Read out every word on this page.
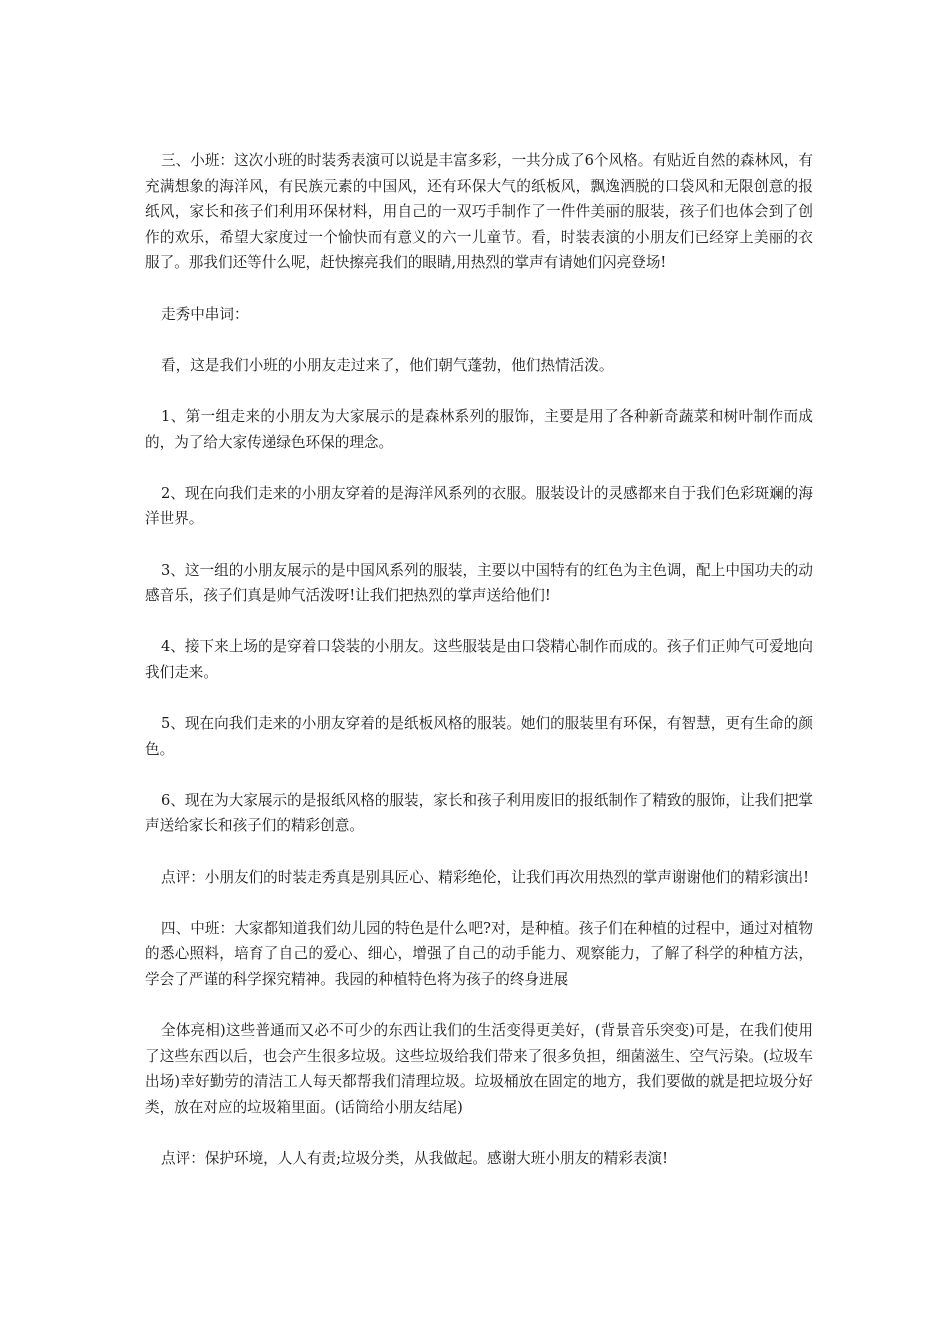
三、小班：这次小班的时装秀表演可以说是丰富多彩，一共分成了6个风格。有贴近自然的森林风，有充满想象的海洋风，有民族元素的中国风，还有环保大气的纸板风，飘逸洒脱的口袋风和无限创意的报纸风，家长和孩子们利用环保材料，用自己的一双巧手制作了一件件美丽的服装，孩子们也体会到了创作的欢乐，希望大家度过一个愉快而有意义的六一儿童节。看，时装表演的小朋友们已经穿上美丽的衣服了。那我们还等什么呢，赶快擦亮我们的眼睛,用热烈的掌声有请她们闪亮登场!

走秀中串词：

看，这是我们小班的小朋友走过来了，他们朝气蓬勃，他们热情活泼。

1、第一组走来的小朋友为大家展示的是森林系列的服饰，主要是用了各种新奇蔬菜和树叶制作而成的，为了给大家传递绿色环保的理念。

2、现在向我们走来的小朋友穿着的是海洋风系列的衣服。服装设计的灵感都来自于我们色彩斑斓的海洋世界。

3、这一组的小朋友展示的是中国风系列的服装，主要以中国特有的红色为主色调，配上中国功夫的动感音乐，孩子们真是帅气活泼呀!让我们把热烈的掌声送给他们!

4、接下来上场的是穿着口袋装的小朋友。这些服装是由口袋精心制作而成的。孩子们正帅气可爱地向我们走来。

5、现在向我们走来的小朋友穿着的是纸板风格的服装。她们的服装里有环保，有智慧，更有生命的颜色。

6、现在为大家展示的是报纸风格的服装，家长和孩子利用废旧的报纸制作了精致的服饰，让我们把掌声送给家长和孩子们的精彩创意。

点评：小朋友们的时装走秀真是别具匠心、精彩绝伦，让我们再次用热烈的掌声谢谢他们的精彩演出!

四、中班：大家都知道我们幼儿园的特色是什么吧?对，是种植。孩子们在种植的过程中，通过对植物的悉心照料，培育了自己的爱心、细心，增强了自己的动手能力、观察能力，了解了科学的种植方法，学会了严谨的科学探究精神。我园的种植特色将为孩子的终身进展

全体亮相)这些普通而又必不可少的东西让我们的生活变得更美好，(背景音乐突变)可是，在我们使用了这些东西以后，也会产生很多垃圾。这些垃圾给我们带来了很多负担，细菌滋生、空气污染。(垃圾车出场)幸好勤劳的清洁工人每天都帮我们清理垃圾。垃圾桶放在固定的地方，我们要做的就是把垃圾分好类，放在对应的垃圾箱里面。(话筒给小朋友结尾)

点评：保护环境，人人有责;垃圾分类，从我做起。感谢大班小朋友的精彩表演!
